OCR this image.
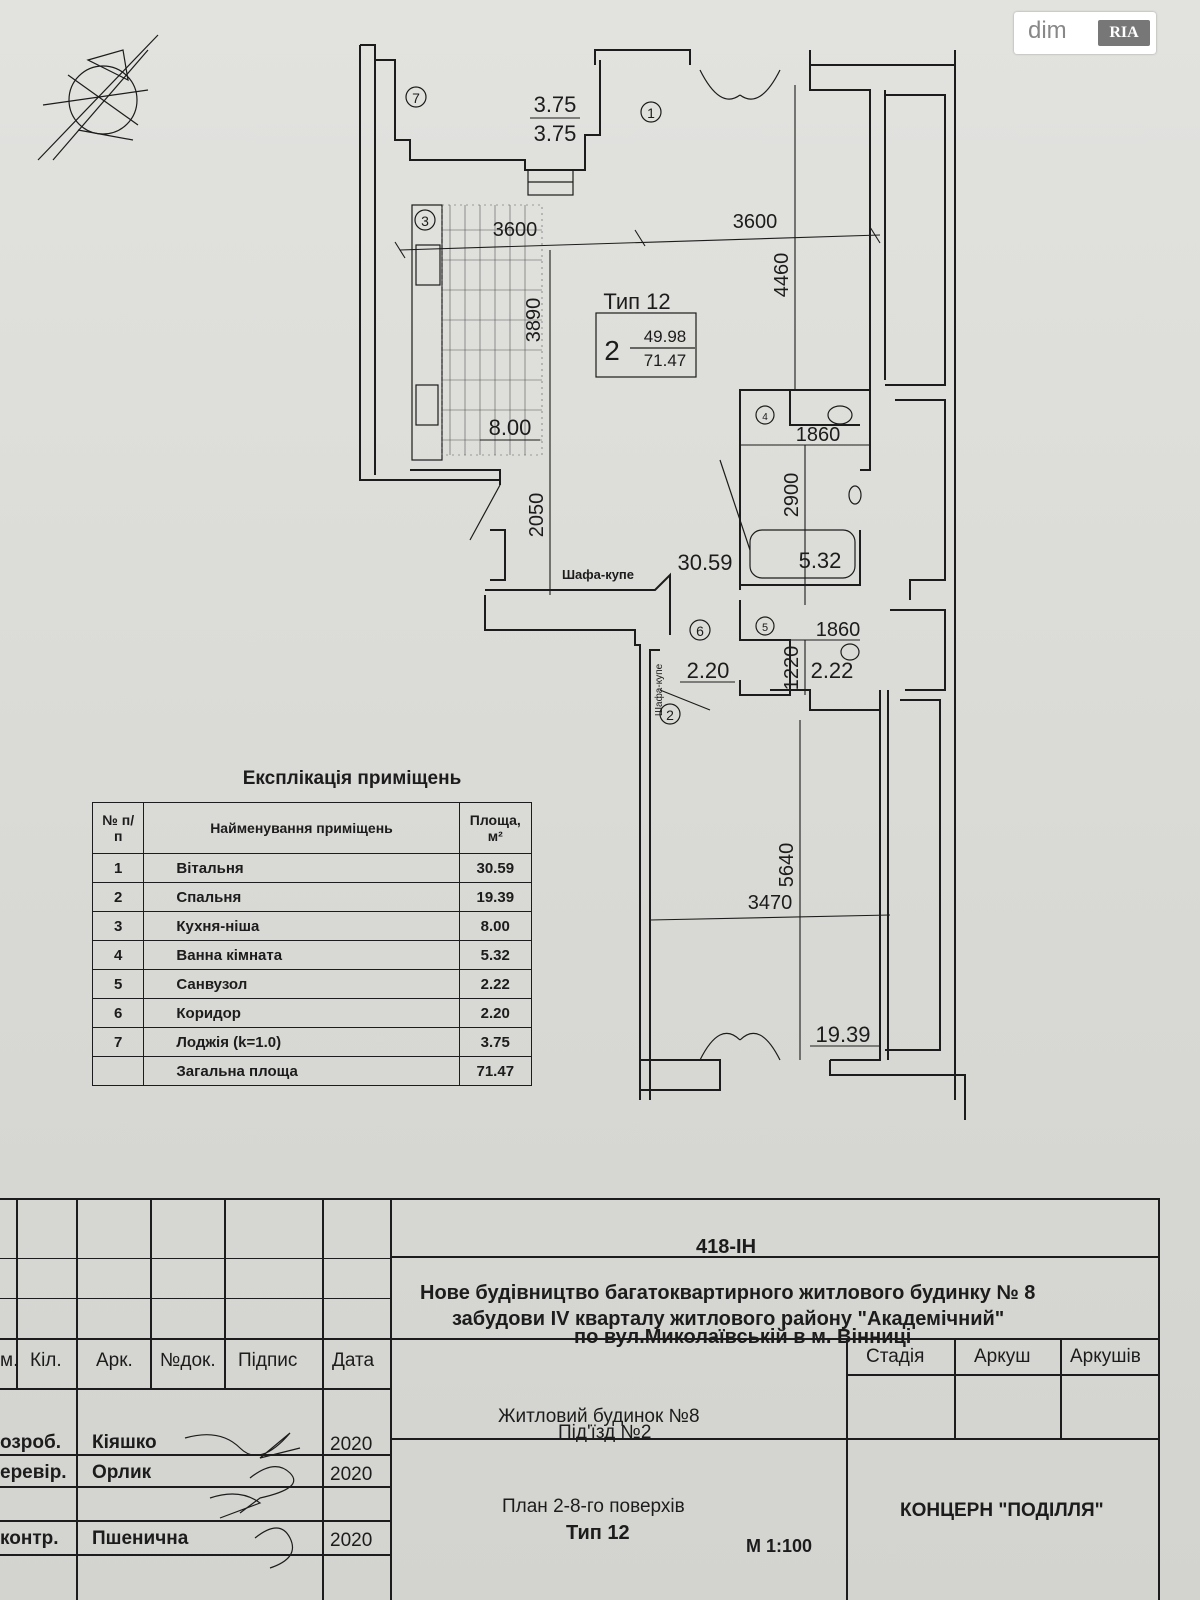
7
1
3
4
5
6
2
3.75
3.75
8.00
30.59	5.32
2.20	2.22
19.39
3600	3600
3890
4460
2050
1860
2900
1860
1220
5640
3470
Шафа-купе
Шафа-купе
Тип 12
2 49.98
71.47
Експлікація приміщень
№ п/п	Найменування приміщень	Площа, м²
1	Вітальня	30.59
2	Спальня	19.39
3	Кухня-ніша	8.00
4	Ванна кімната	5.32
5	Санвузол	2.22
6	Коридор	2.20
7	Лоджія (k=1.0)	3.75
	Загальна площа	71.47
418-ІН
Нове будівництво багатоквартирного житлового будинку № 8
забудови IV кварталу житлового району "Академічний"
по вул.Миколаївській в м. Вінниці
м. Кіл. Арк. №док. Підпис Дата	Стадія	Аркуш Аркушів
Житловий будинок №8
Під'їзд №2
План 2-8-го поверхів
Тип 12
М 1:100
КОНЦЕРН "ПОДІЛЛЯ"
озроб. Кіяшко	2020
еревір. Орлик	2020
контр. Пшенична	2020
dim	RIA
